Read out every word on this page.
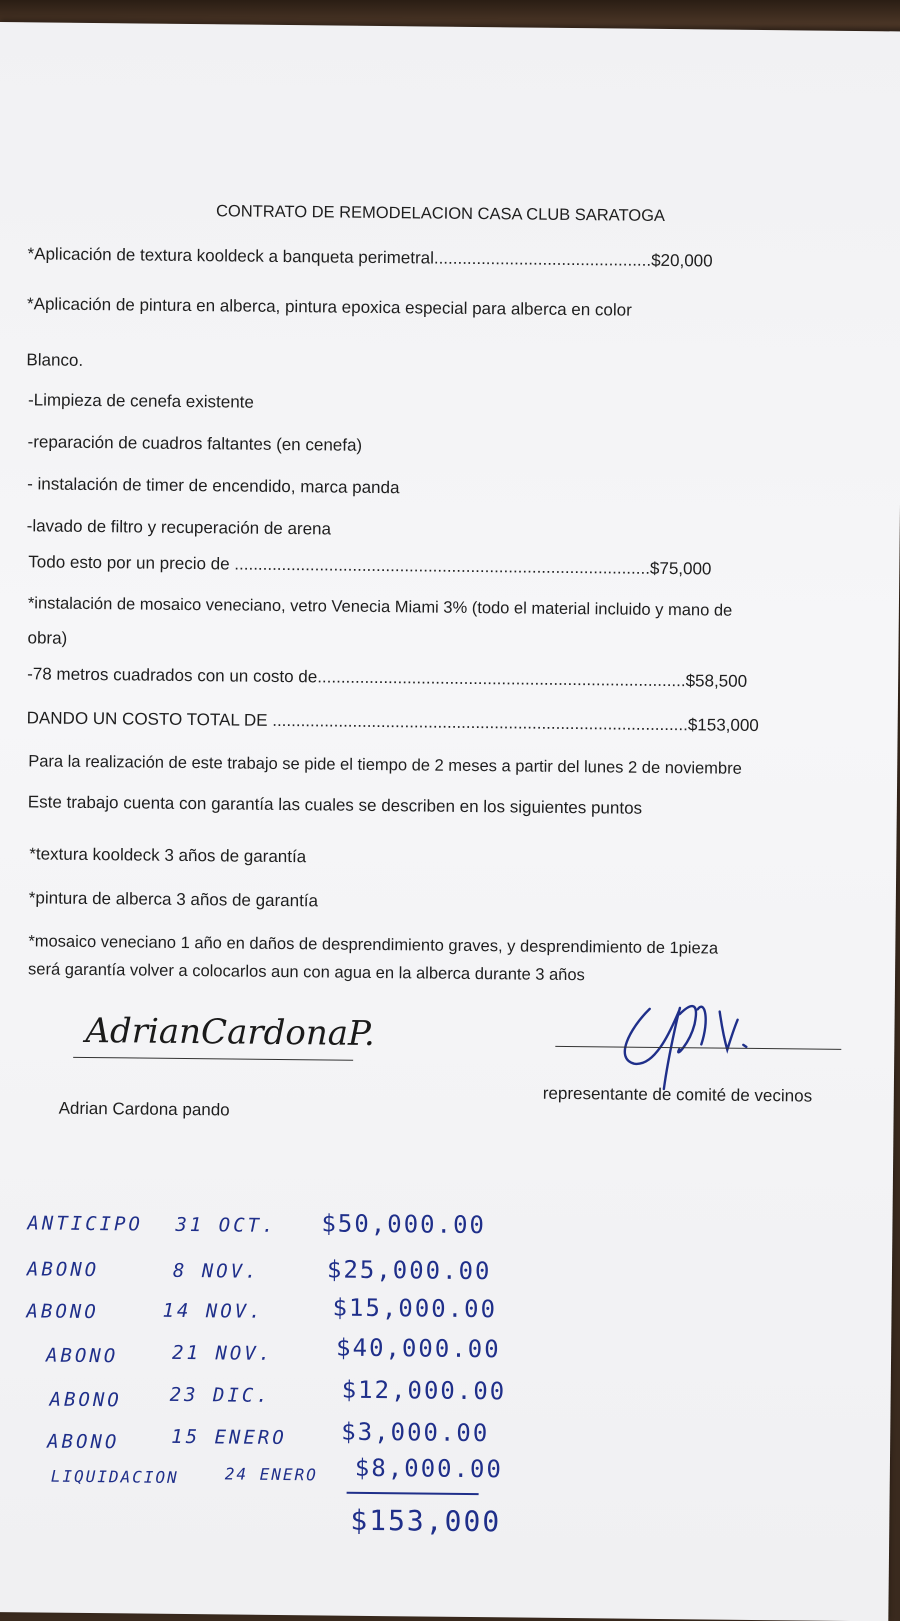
CONTRATO DE REMODELACION CASA CLUB SARATOGA
*Aplicación de textura kooldeck a banqueta perimetral..............................................$20,000
*Aplicación de pintura en alberca, pintura epoxica especial para alberca en color
Blanco.
-Limpieza de cenefa existente
-reparación de cuadros faltantes (en cenefa)
- instalación de timer de encendido, marca panda
-lavado de filtro y recuperación de arena
Todo esto por un precio de ........................................................................................$75,000
*instalación de mosaico veneciano, vetro Venecia Miami 3% (todo el material incluido y mano de
obra)
-78 metros cuadrados con un costo de..............................................................................$58,500
DANDO UN COSTO TOTAL DE ........................................................................................$153,000
Para la realización de este trabajo se pide el tiempo de 2 meses a partir del lunes 2 de noviembre
Este trabajo cuenta con garantía las cuales se describen en los siguientes puntos
*textura kooldeck 3 años de garantía
*pintura de alberca 3 años de garantía
*mosaico veneciano 1 año en daños de desprendimiento graves, y desprendimiento de 1pieza
será garantía volver a colocarlos aun con agua en la alberca durante 3 años
AdrianCardonaP.
Adrian Cardona pando
representante de comité de vecinos
ANTICIPO 31 OCT. $50,000.00
ABONO	8 NOV.	$25,000.00
ABONO	14 NOV.	$15,000.00
ABONO	21 NOV.	$40,000.00
ABONO	23 DIC.	$12,000.00
ABONO	15 ENERO $3,000.00
LIQUIDACION	24 ENERO $8,000.00
$153,000
